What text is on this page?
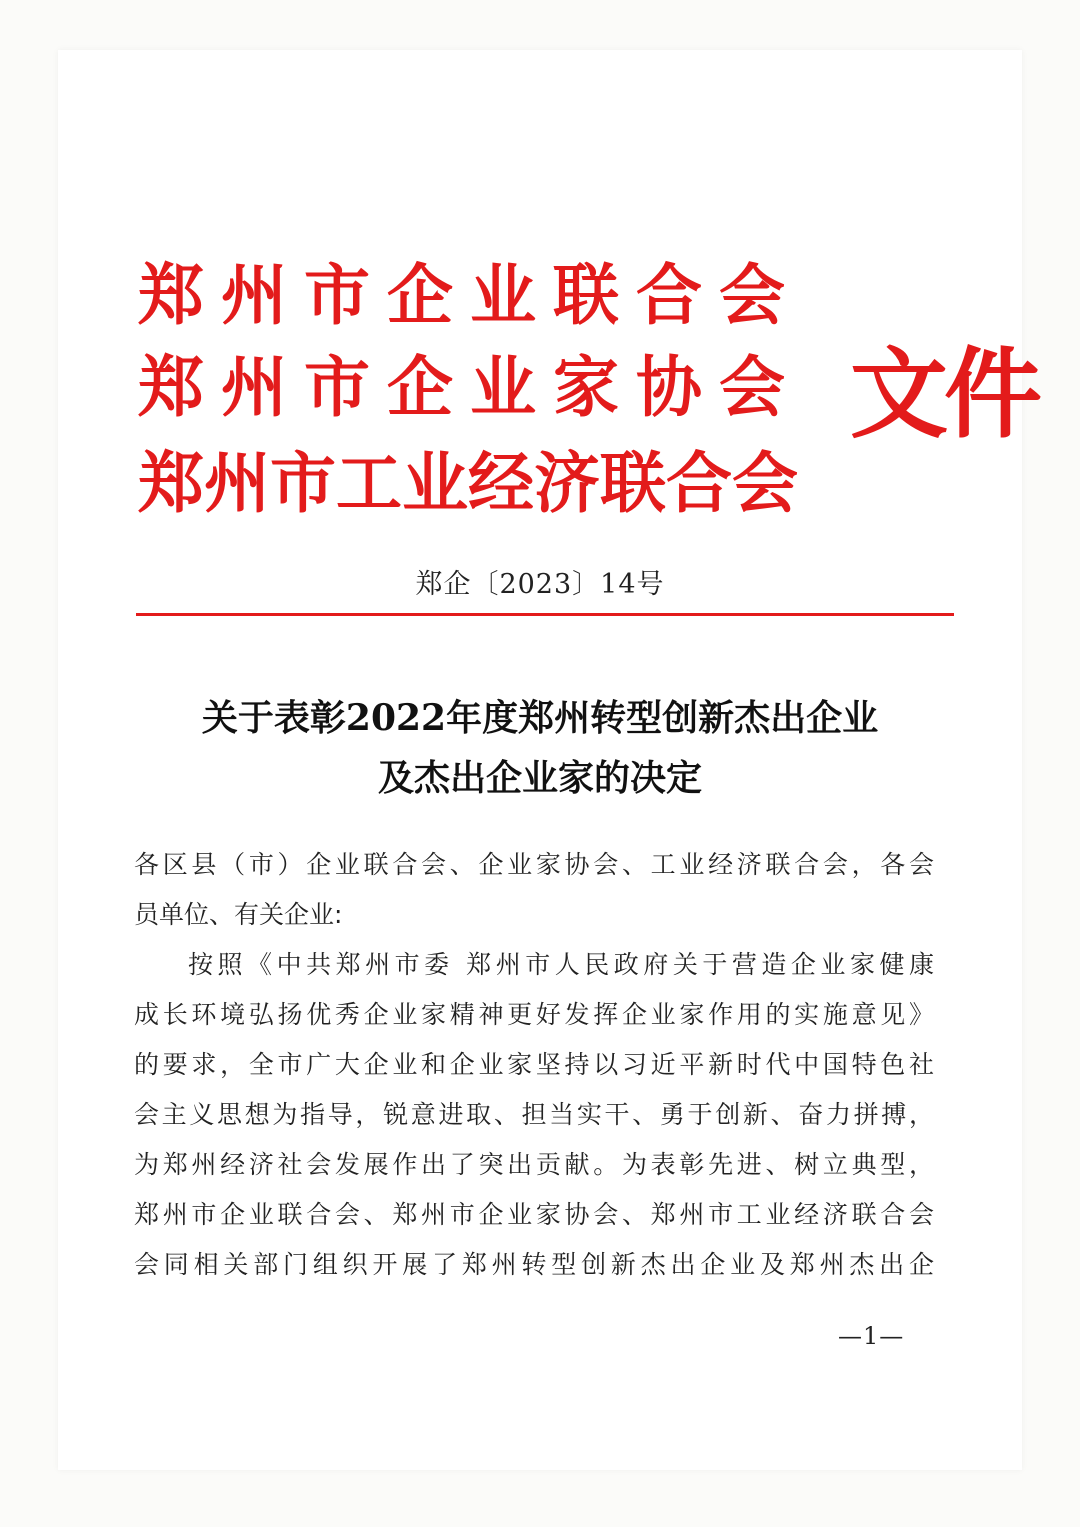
郑州市企业联合会
郑州市企业家协会
郑州市工业经济联合会
文件
郑企〔2023〕14号
关于表彰2022年度郑州转型创新杰出企业
及杰出企业家的决定
各区县（市）企业联合会、企业家协会、工业经济联合会，各会
员单位、有关企业:
按照《中共郑州市委 郑州市人民政府关于营造企业家健康
成长环境弘扬优秀企业家精神更好发挥企业家作用的实施意见》
的要求，全市广大企业和企业家坚持以习近平新时代中国特色社
会主义思想为指导，锐意进取、担当实干、勇于创新、奋力拼搏，
为郑州经济社会发展作出了突出贡献。为表彰先进、树立典型，
郑州市企业联合会、郑州市企业家协会、郑州市工业经济联合会
会同相关部门组织开展了郑州转型创新杰出企业及郑州杰出企
—1—
